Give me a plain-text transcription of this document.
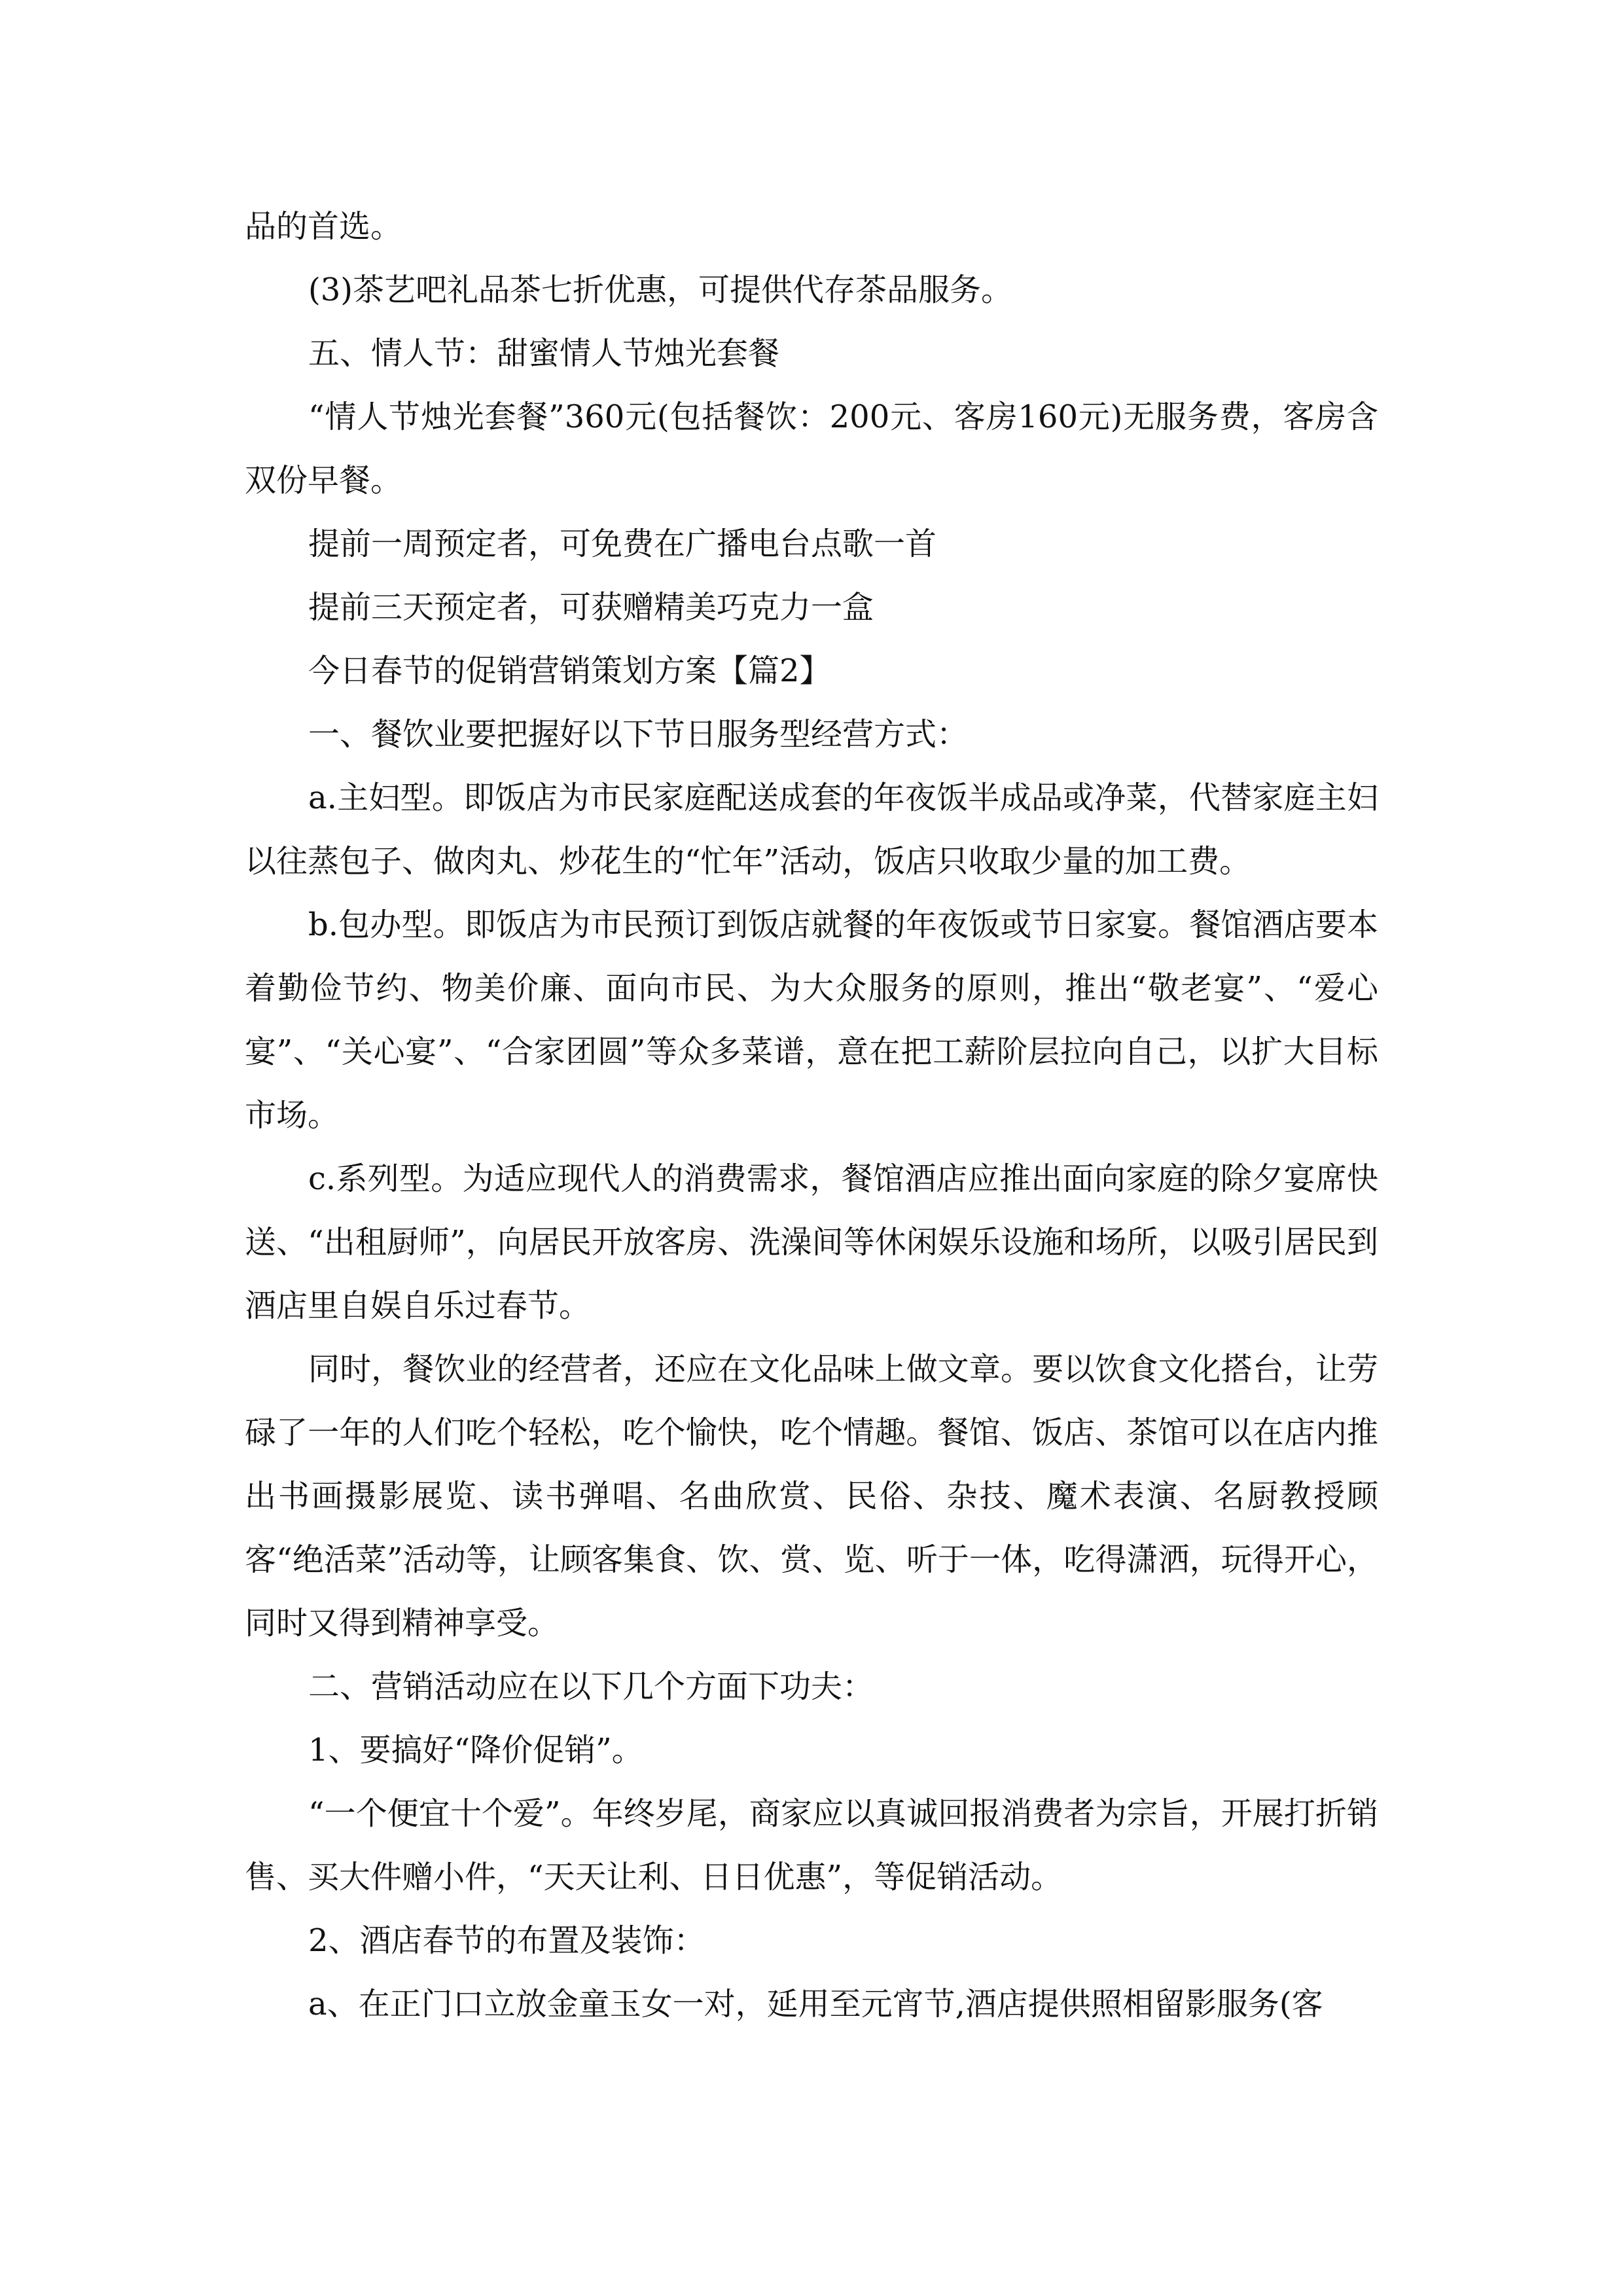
品的首选。

(3)茶艺吧礼品茶七折优惠，可提供代存茶品服务。

五、情人节：甜蜜情人节烛光套餐

“情人节烛光套餐”360元(包括餐饮：200元、客房160元)无服务费，客房含双份早餐。

提前一周预定者，可免费在广播电台点歌一首

提前三天预定者，可获赠精美巧克力一盒

今日春节的促销营销策划方案【篇2】

一、餐饮业要把握好以下节日服务型经营方式：

a.主妇型。即饭店为市民家庭配送成套的年夜饭半成品或净菜，代替家庭主妇以往蒸包子、做肉丸、炒花生的“忙年”活动，饭店只收取少量的加工费。

b.包办型。即饭店为市民预订到饭店就餐的年夜饭或节日家宴。餐馆酒店要本着勤俭节约、物美价廉、面向市民、为大众服务的原则，推出“敬老宴”、“爱心宴”、“关心宴”、“合家团圆”等众多菜谱，意在把工薪阶层拉向自己，以扩大目标市场。

c.系列型。为适应现代人的消费需求，餐馆酒店应推出面向家庭的除夕宴席快送、“出租厨师”，向居民开放客房、洗澡间等休闲娱乐设施和场所，以吸引居民到酒店里自娱自乐过春节。

同时，餐饮业的经营者，还应在文化品味上做文章。要以饮食文化搭台，让劳碌了一年的人们吃个轻松，吃个愉快，吃个情趣。餐馆、饭店、茶馆可以在店内推出书画摄影展览、读书弹唱、名曲欣赏、民俗、杂技、魔术表演、名厨教授顾客“绝活菜”活动等，让顾客集食、饮、赏、览、听于一体，吃得潇洒，玩得开心，同时又得到精神享受。

二、营销活动应在以下几个方面下功夫：

1、要搞好“降价促销”。

“一个便宜十个爱”。年终岁尾，商家应以真诚回报消费者为宗旨，开展打折销售、买大件赠小件，“天天让利、日日优惠”，等促销活动。

2、酒店春节的布置及装饰：

a、在正门口立放金童玉女一对，延用至元宵节,酒店提供照相留影服务(客
